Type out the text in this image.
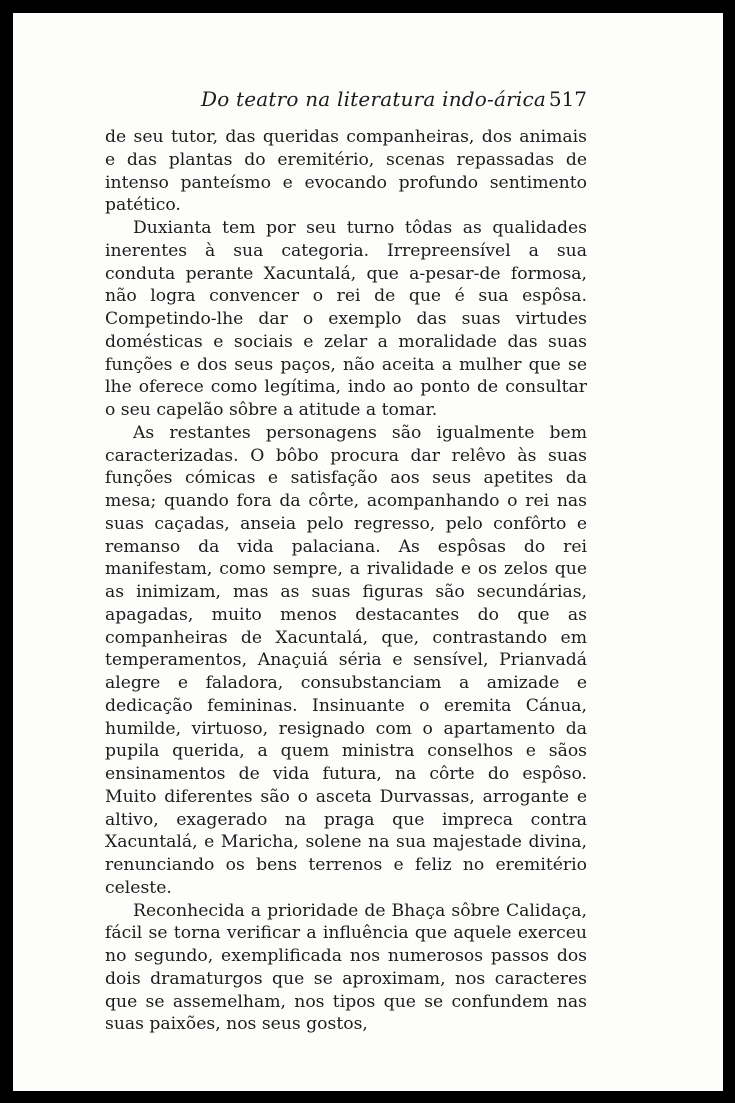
Do teatro na literatura indo-árica 517

de seu tutor, das queridas companheiras, dos animais e das plantas do eremitério, scenas repassadas de intenso panteísmo e evocando profundo sentimento patético.

Duxianta tem por seu turno tôdas as qualidades inerentes à sua categoria. Irrepreensível a sua conduta perante Xacuntalá, que a-pesar-de formosa, não logra convencer o rei de que é sua espôsa. Competindo-lhe dar o exemplo das suas virtudes domésticas e sociais e zelar a moralidade das suas funções e dos seus paços, não aceita a mulher que se lhe oferece como legítima, indo ao ponto de consultar o seu capelão sôbre a atitude a tomar.

As restantes personagens são igualmente bem caracterizadas. O bôbo procura dar relêvo às suas funções cómicas e satisfação aos seus apetites da mesa; quando fora da côrte, acompanhando o rei nas suas caçadas, anseia pelo regresso, pelo confôrto e remanso da vida palaciana. As espôsas do rei manifestam, como sempre, a rivalidade e os zelos que as inimizam, mas as suas figuras são secundárias, apagadas, muito menos destacantes do que as companheiras de Xacuntalá, que, contrastando em temperamentos, Anaçuiá séria e sensível, Prianvadá alegre e faladora, consubstanciam a amizade e dedicação femininas. Insinuante o eremita Cánua, humilde, virtuoso, resignado com o apartamento da pupila querida, a quem ministra conselhos e sãos ensinamentos de vida futura, na côrte do espôso. Muito diferentes são o asceta Durvassas, arrogante e altivo, exagerado na praga que impreca contra Xacuntalá, e Maricha, solene na sua majestade divina, renunciando os bens terrenos e feliz no eremitério celeste.

Reconhecida a prioridade de Bhaça sôbre Calidaça, fácil se torna verificar a influência que aquele exerceu no segundo, exemplificada nos numerosos passos dos dois dramaturgos que se aproximam, nos caracteres que se assemelham, nos tipos que se confundem nas suas paixões, nos seus gostos,
